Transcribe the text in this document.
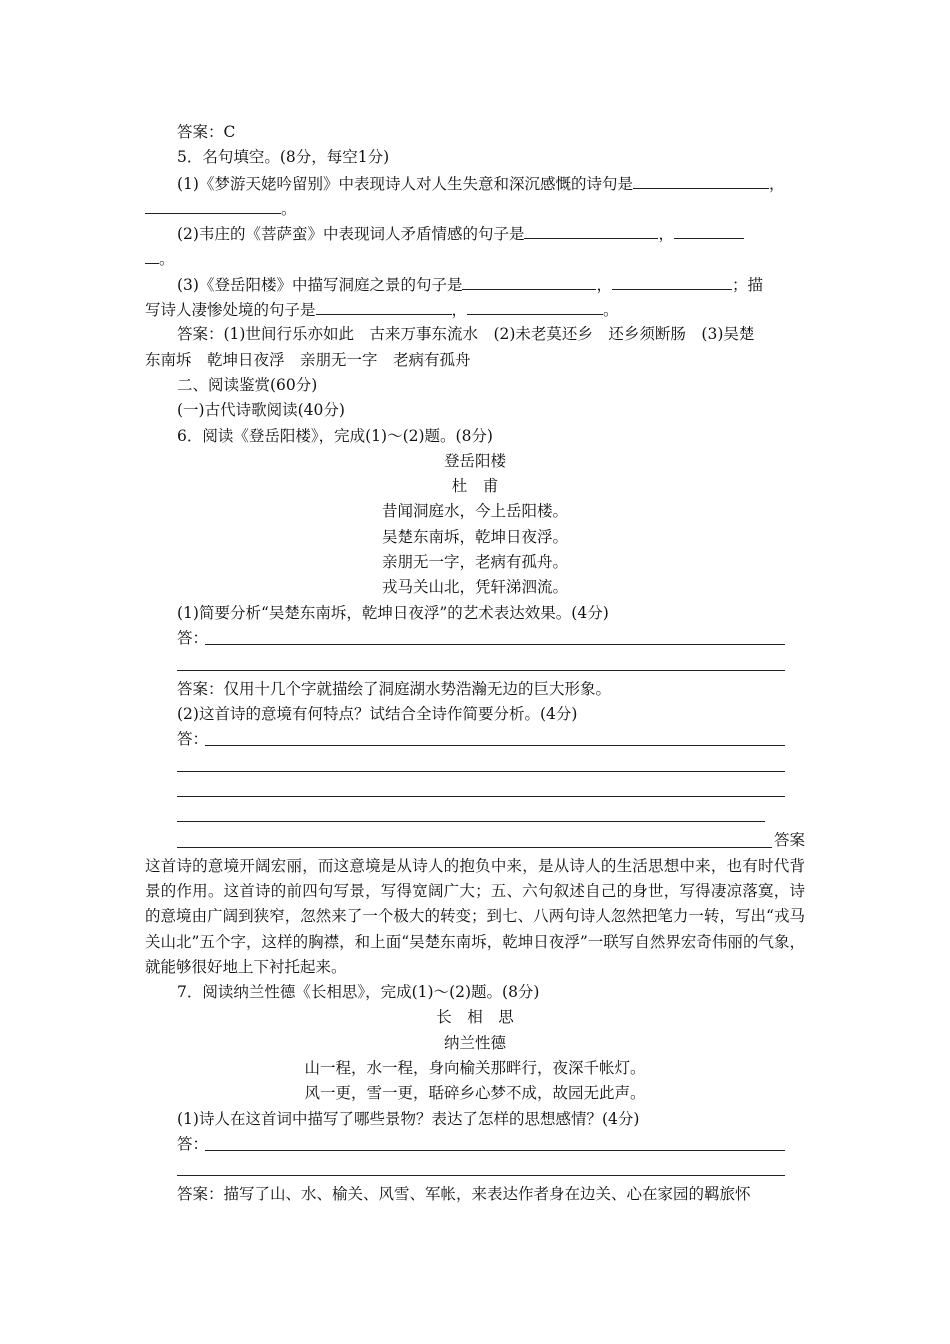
答案：C
5．名句填空。(8分，每空1分)
(1)《梦游天姥吟留别》中表现诗人对人生失意和深沉感慨的诗句是	，
。
(2)韦庄的《菩萨蛮》中表现词人矛盾情感的句子是	，
。
(3)《登岳阳楼》中描写洞庭之景的句子是	，	；描
写诗人凄惨处境的句子是	，	。
答案：(1)世间行乐亦如此　古来万事东流水　(2)未老莫还乡　还乡须断肠　(3)吴楚
东南坼　乾坤日夜浮　亲朋无一字　老病有孤舟
二、阅读鉴赏(60分)
(一)古代诗歌阅读(40分)
6．阅读《登岳阳楼》，完成(1)～(2)题。(8分)
登岳阳楼
杜　甫
昔闻洞庭水，今上岳阳楼。
吴楚东南坼，乾坤日夜浮。
亲朋无一字，老病有孤舟。
戎马关山北，凭轩涕泗流。
(1)简要分析“吴楚东南坼，乾坤日夜浮”的艺术表达效果。(4分)
答：
答案：仅用十几个字就描绘了洞庭湖水势浩瀚无边的巨大形象。
(2)这首诗的意境有何特点？试结合全诗作简要分析。(4分)
答：
答案
这首诗的意境开阔宏丽，而这意境是从诗人的抱负中来，是从诗人的生活思想中来，也有时代背景的作用。这首诗的前四句写景，写得宽阔广大；五、六句叙述自己的身世，写得凄凉落寞，诗的意境由广阔到狭窄，忽然来了一个极大的转变；到七、八两句诗人忽然把笔力一转，写出“戎马关山北”五个字，这样的胸襟，和上面“吴楚东南坼，乾坤日夜浮”一联写自然界宏奇伟丽的气象，就能够很好地上下衬托起来。
7．阅读纳兰性德《长相思》，完成(1)～(2)题。(8分)
长　相　思
纳兰性德
山一程，水一程，身向榆关那畔行，夜深千帐灯。
风一更，雪一更，聒碎乡心梦不成，故园无此声。
(1)诗人在这首词中描写了哪些景物？表达了怎样的思想感情？(4分)
答：
答案：描写了山、水、榆关、风雪、军帐，来表达作者身在边关、心在家园的羁旅怀
